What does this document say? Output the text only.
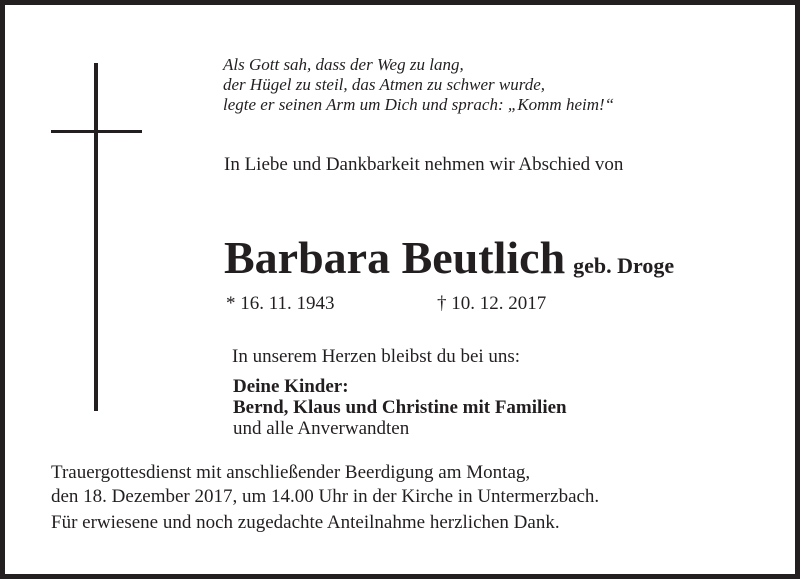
Als Gott sah, dass der Weg zu lang,
der Hügel zu steil, das Atmen zu schwer wurde,
legte er seinen Arm um Dich und sprach: „Komm heim!“
In Liebe und Dankbarkeit nehmen wir Abschied von
Barbara Beutlich geb. Droge
* 16. 11. 1943	† 10. 12. 2017
In unserem Herzen bleibst du bei uns:
Deine Kinder:
Bernd, Klaus und Christine mit Familien
und alle Anverwandten
Trauergottesdienst mit anschließender Beerdigung am Montag,
den 18. Dezember 2017, um 14.00 Uhr in der Kirche in Untermerzbach.
Für erwiesene und noch zugedachte Anteilnahme herzlichen Dank.
